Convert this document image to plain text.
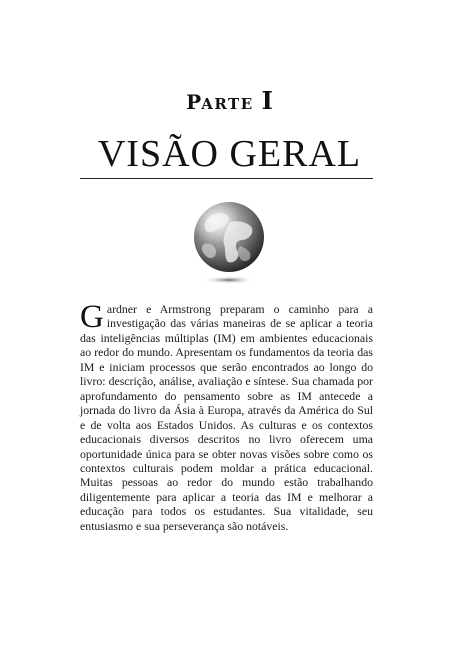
PARTE I
VISÃO GERAL

Gardner e Armstrong preparam o caminho para a investigação das várias maneiras de se aplicar a teoria das inteligências múltiplas (IM) em ambientes educacionais ao redor do mundo. Apresentam os fundamentos da teoria das IM e iniciam processos que serão encontrados ao longo do livro: descrição, análise, avaliação e síntese. Sua chamada por aprofundamento do pensamento sobre as IM antecede a jornada do livro da Ásia à Europa, através da América do Sul e de volta aos Estados Unidos. As culturas e os contextos educacionais diversos descritos no livro oferecem uma oportunidade única para se obter novas visões sobre como os contextos culturais podem moldar a prática educacional. Muitas pessoas ao redor do mundo estão trabalhando diligentemente para aplicar a teoria das IM e melhorar a educação para todos os estudantes. Sua vitalidade, seu entusiasmo e sua perseverança são notáveis.
